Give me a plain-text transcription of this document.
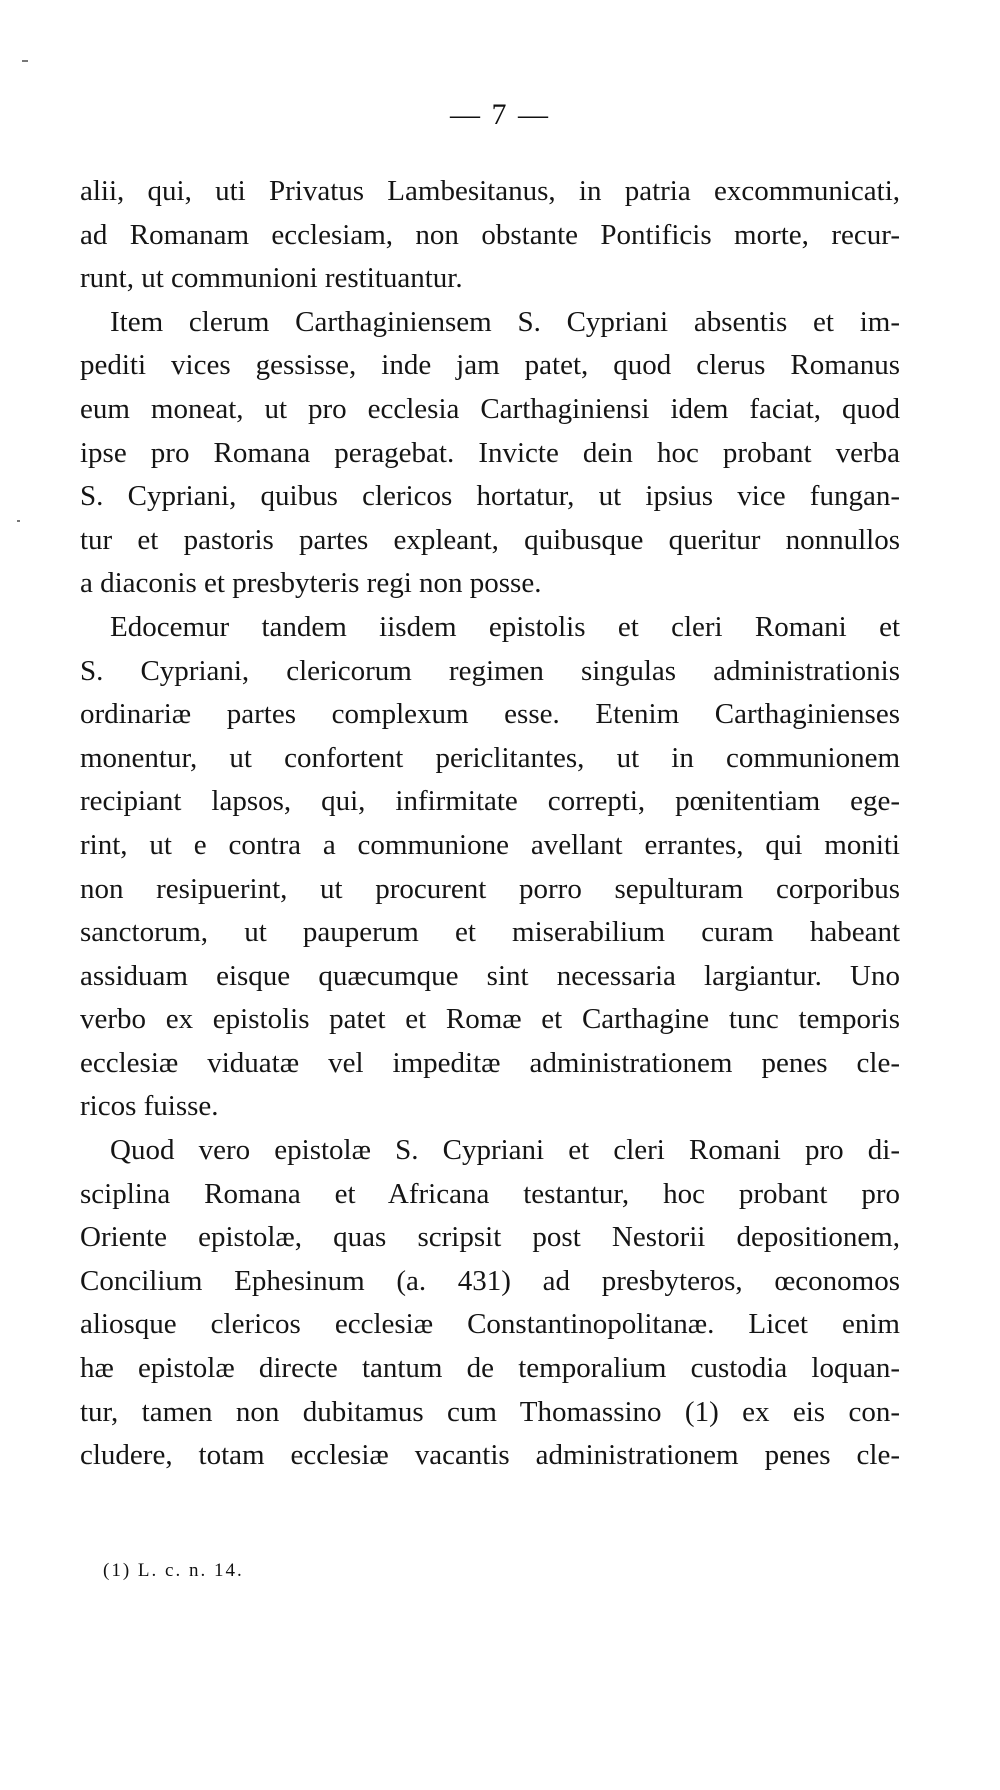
— 7 —
alii, qui, uti Privatus Lambesitanus, in patria excommunicati,
ad Romanam ecclesiam, non obstante Pontificis morte, recur-
runt, ut communioni restituantur.
Item clerum Carthaginiensem S. Cypriani absentis et im-
pediti vices gessisse, inde jam patet, quod clerus Romanus
eum moneat, ut pro ecclesia Carthaginiensi idem faciat, quod
ipse pro Romana peragebat. Invicte dein hoc probant verba
S. Cypriani, quibus clericos hortatur, ut ipsius vice fungan-
tur et pastoris partes expleant, quibusque queritur nonnullos
a diaconis et presbyteris regi non posse.
Edocemur tandem iisdem epistolis et cleri Romani et
S. Cypriani, clericorum regimen singulas administrationis
ordinariæ partes complexum esse. Etenim Carthaginienses
monentur, ut confortent periclitantes, ut in communionem
recipiant lapsos, qui, infirmitate correpti, pœnitentiam ege-
rint, ut e contra a communione avellant errantes, qui moniti
non resipuerint, ut procurent porro sepulturam corporibus
sanctorum, ut pauperum et miserabilium curam habeant
assiduam eisque quæcumque sint necessaria largiantur. Uno
verbo ex epistolis patet et Romæ et Carthagine tunc temporis
ecclesiæ viduatæ vel impeditæ administrationem penes cle-
ricos fuisse.
Quod vero epistolæ S. Cypriani et cleri Romani pro di-
sciplina Romana et Africana testantur, hoc probant pro
Oriente epistolæ, quas scripsit post Nestorii depositionem,
Concilium Ephesinum (a. 431) ad presbyteros, œconomos
aliosque clericos ecclesiæ Constantinopolitanæ. Licet enim
hæ epistolæ directe tantum de temporalium custodia loquan-
tur, tamen non dubitamus cum Thomassino (1) ex eis con-
cludere, totam ecclesiæ vacantis administrationem penes cle-
(1) L. c. n. 14.
